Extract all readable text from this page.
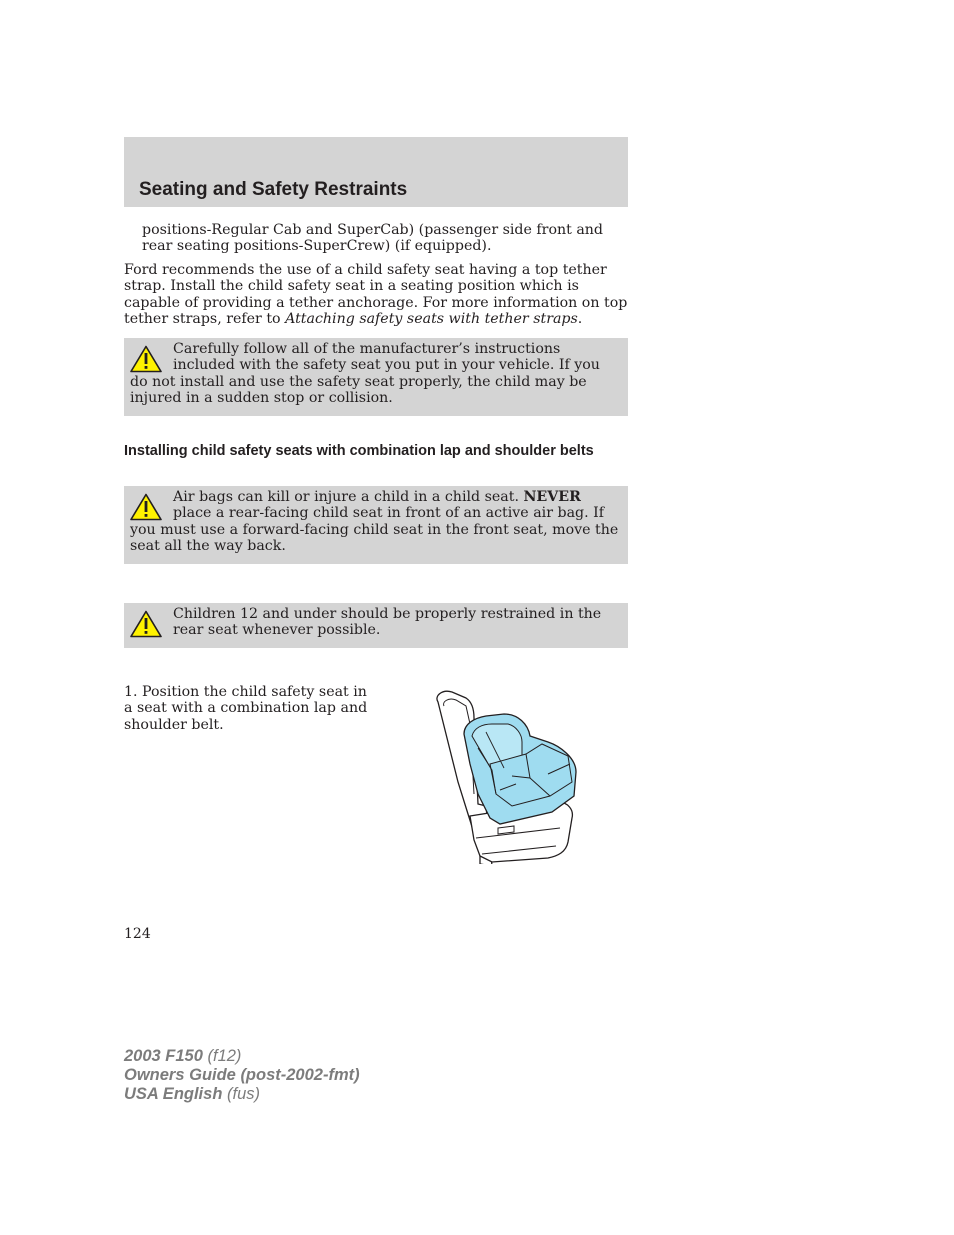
Seating and Safety Restraints

positions-Regular Cab and SuperCab) (passenger side front and rear seating positions-SuperCrew) (if equipped).

Ford recommends the use of a child safety seat having a top tether strap. Install the child safety seat in a seating position which is capable of providing a tether anchorage. For more information on top tether straps, refer to Attaching safety seats with tether straps.

Carefully follow all of the manufacturer’s instructions included with the safety seat you put in your vehicle. If you do not install and use the safety seat properly, the child may be injured in a sudden stop or collision.

Installing child safety seats with combination lap and shoulder belts

Air bags can kill or injure a child in a child seat. NEVER place a rear-facing child seat in front of an active air bag. If you must use a forward-facing child seat in the front seat, move the seat all the way back.

Children 12 and under should be properly restrained in the rear seat whenever possible.

1. Position the child safety seat in a seat with a combination lap and shoulder belt.

124

2003 F150 (f12)
Owners Guide (post-2002-fmt)
USA English (fus)
